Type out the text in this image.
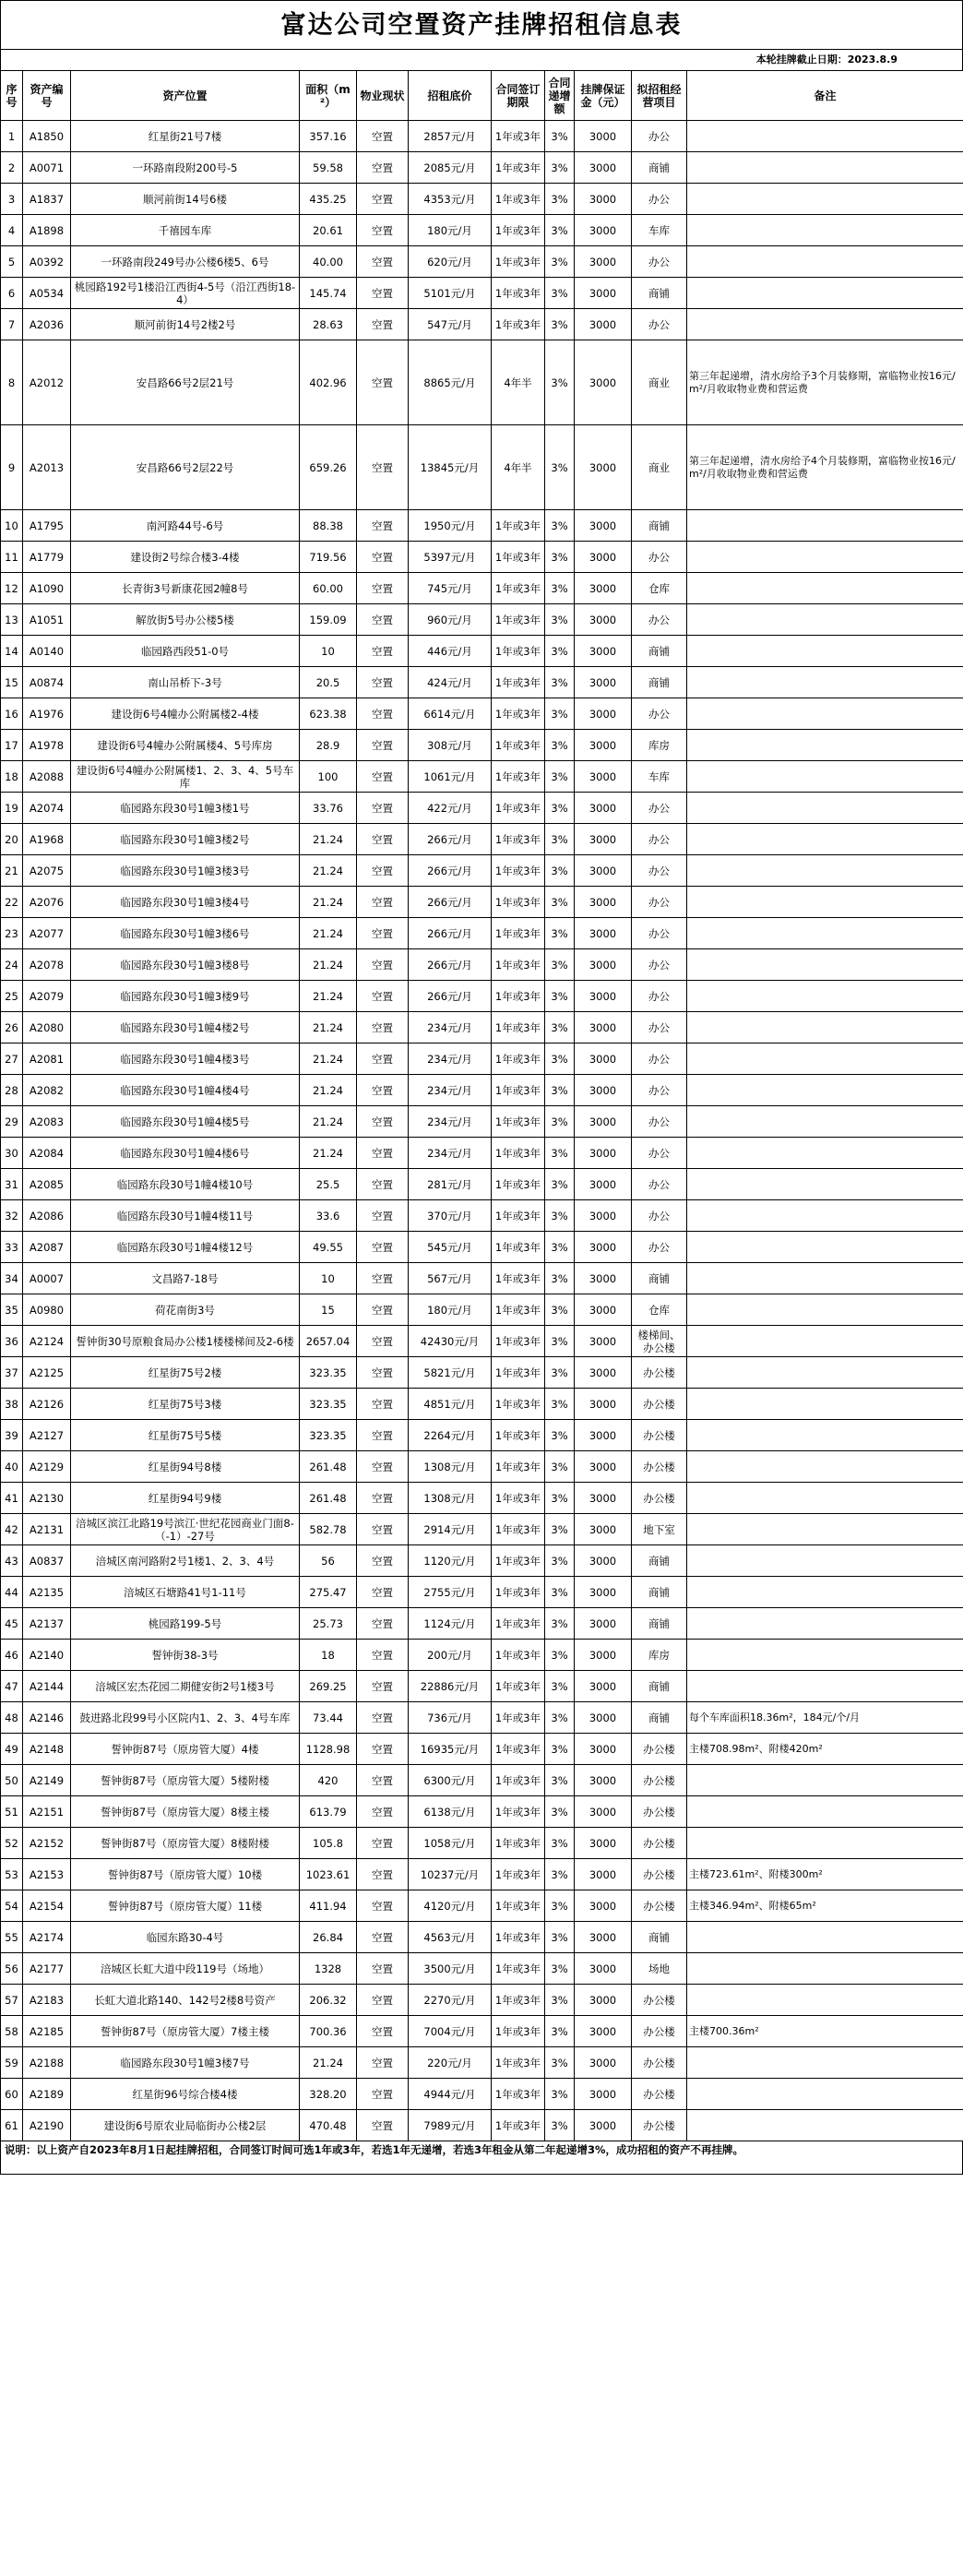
富达公司空置资产挂牌招租信息表
本轮挂牌截止日期：2023.8.9
序号	资产编号	资产位置	面积（m²）	物业现状	招租底价	合同签订期限	合同递增额	挂牌保证金（元）	拟招租经营项目	备注
1	A1850	红星街21号7楼	357.16	空置	2857元/月	1年或3年	3%	3000	办公	
2	A0071	一环路南段附200号-5	59.58	空置	2085元/月	1年或3年	3%	3000	商铺	
3	A1837	顺河前街14号6楼	435.25	空置	4353元/月	1年或3年	3%	3000	办公	
4	A1898	千禧园车库	20.61	空置	180元/月	1年或3年	3%	3000	车库	
5	A0392	一环路南段249号办公楼6楼5、6号	40.00	空置	620元/月	1年或3年	3%	3000	办公	
6	A0534	桃园路192号1楼沿江西街4-5号（沿江西街18-4）	145.74	空置	5101元/月	1年或3年	3%	3000	商铺	
7	A2036	顺河前街14号2楼2号	28.63	空置	547元/月	1年或3年	3%	3000	办公	
8	A2012	安昌路66号2层21号	402.96	空置	8865元/月	4年半	3%	3000	商业	第三年起递增，清水房给予3个月装修期，富临物业按16元/m²/月收取物业费和营运费
9	A2013	安昌路66号2层22号	659.26	空置	13845元/月	4年半	3%	3000	商业	第三年起递增，清水房给予4个月装修期，富临物业按16元/m²/月收取物业费和营运费
10	A1795	南河路44号-6号	88.38	空置	1950元/月	1年或3年	3%	3000	商铺	
11	A1779	建设街2号综合楼3-4楼	719.56	空置	5397元/月	1年或3年	3%	3000	办公	
12	A1090	长青街3号新康花园2幢8号	60.00	空置	745元/月	1年或3年	3%	3000	仓库	
13	A1051	解放街5号办公楼5楼	159.09	空置	960元/月	1年或3年	3%	3000	办公	
14	A0140	临园路西段51-0号	10	空置	446元/月	1年或3年	3%	3000	商铺	
15	A0874	南山吊桥下-3号	20.5	空置	424元/月	1年或3年	3%	3000	商铺	
16	A1976	建设街6号4幢办公附属楼2-4楼	623.38	空置	6614元/月	1年或3年	3%	3000	办公	
17	A1978	建设街6号4幢办公附属楼4、5号库房	28.9	空置	308元/月	1年或3年	3%	3000	库房	
18	A2088	建设街6号4幢办公附属楼1、2、3、4、5号车库	100	空置	1061元/月	1年或3年	3%	3000	车库	
19	A2074	临园路东段30号1幢3楼1号	33.76	空置	422元/月	1年或3年	3%	3000	办公	
20	A1968	临园路东段30号1幢3楼2号	21.24	空置	266元/月	1年或3年	3%	3000	办公	
21	A2075	临园路东段30号1幢3楼3号	21.24	空置	266元/月	1年或3年	3%	3000	办公	
22	A2076	临园路东段30号1幢3楼4号	21.24	空置	266元/月	1年或3年	3%	3000	办公	
23	A2077	临园路东段30号1幢3楼6号	21.24	空置	266元/月	1年或3年	3%	3000	办公	
24	A2078	临园路东段30号1幢3楼8号	21.24	空置	266元/月	1年或3年	3%	3000	办公	
25	A2079	临园路东段30号1幢3楼9号	21.24	空置	266元/月	1年或3年	3%	3000	办公	
26	A2080	临园路东段30号1幢4楼2号	21.24	空置	234元/月	1年或3年	3%	3000	办公	
27	A2081	临园路东段30号1幢4楼3号	21.24	空置	234元/月	1年或3年	3%	3000	办公	
28	A2082	临园路东段30号1幢4楼4号	21.24	空置	234元/月	1年或3年	3%	3000	办公	
29	A2083	临园路东段30号1幢4楼5号	21.24	空置	234元/月	1年或3年	3%	3000	办公	
30	A2084	临园路东段30号1幢4楼6号	21.24	空置	234元/月	1年或3年	3%	3000	办公	
31	A2085	临园路东段30号1幢4楼10号	25.5	空置	281元/月	1年或3年	3%	3000	办公	
32	A2086	临园路东段30号1幢4楼11号	33.6	空置	370元/月	1年或3年	3%	3000	办公	
33	A2087	临园路东段30号1幢4楼12号	49.55	空置	545元/月	1年或3年	3%	3000	办公	
34	A0007	文昌路7-18号	10	空置	567元/月	1年或3年	3%	3000	商铺	
35	A0980	荷花南街3号	15	空置	180元/月	1年或3年	3%	3000	仓库	
36	A2124	誓钟街30号原粮食局办公楼1楼楼梯间及2-6楼	2657.04	空置	42430元/月	1年或3年	3%	3000	楼梯间、办公楼	
37	A2125	红星街75号2楼	323.35	空置	5821元/月	1年或3年	3%	3000	办公楼	
38	A2126	红星街75号3楼	323.35	空置	4851元/月	1年或3年	3%	3000	办公楼	
39	A2127	红星街75号5楼	323.35	空置	2264元/月	1年或3年	3%	3000	办公楼	
40	A2129	红星街94号8楼	261.48	空置	1308元/月	1年或3年	3%	3000	办公楼	
41	A2130	红星街94号9楼	261.48	空置	1308元/月	1年或3年	3%	3000	办公楼	
42	A2131	涪城区滨江北路19号滨江·世纪花园商业门面8-（-1）-27号	582.78	空置	2914元/月	1年或3年	3%	3000	地下室	
43	A0837	涪城区南河路附2号1楼1、2、3、4号	56	空置	1120元/月	1年或3年	3%	3000	商铺	
44	A2135	涪城区石塘路41号1-11号	275.47	空置	2755元/月	1年或3年	3%	3000	商铺	
45	A2137	桃园路199-5号	25.73	空置	1124元/月	1年或3年	3%	3000	商铺	
46	A2140	誓钟街38-3号	18	空置	200元/月	1年或3年	3%	3000	库房	
47	A2144	涪城区宏杰花园二期健安街2号1楼3号	269.25	空置	22886元/月	1年或3年	3%	3000	商铺	
48	A2146	鼓进路北段99号小区院内1、2、3、4号车库	73.44	空置	736元/月	1年或3年	3%	3000	商铺	每个车库面积18.36m²，184元/个/月
49	A2148	誓钟街87号（原房管大厦）4楼	1128.98	空置	16935元/月	1年或3年	3%	3000	办公楼	主楼708.98m²、附楼420m²
50	A2149	誓钟街87号（原房管大厦）5楼附楼	420	空置	6300元/月	1年或3年	3%	3000	办公楼	
51	A2151	誓钟街87号（原房管大厦）8楼主楼	613.79	空置	6138元/月	1年或3年	3%	3000	办公楼	
52	A2152	誓钟街87号（原房管大厦）8楼附楼	105.8	空置	1058元/月	1年或3年	3%	3000	办公楼	
53	A2153	誓钟街87号（原房管大厦）10楼	1023.61	空置	10237元/月	1年或3年	3%	3000	办公楼	主楼723.61m²、附楼300m²
54	A2154	誓钟街87号（原房管大厦）11楼	411.94	空置	4120元/月	1年或3年	3%	3000	办公楼	主楼346.94m²、附楼65m²
55	A2174	临园东路30-4号	26.84	空置	4563元/月	1年或3年	3%	3000	商铺	
56	A2177	涪城区长虹大道中段119号（场地）	1328	空置	3500元/月	1年或3年	3%	3000	场地	
57	A2183	长虹大道北路140、142号2楼8号资产	206.32	空置	2270元/月	1年或3年	3%	3000	办公楼	
58	A2185	誓钟街87号（原房管大厦）7楼主楼	700.36	空置	7004元/月	1年或3年	3%	3000	办公楼	主楼700.36m²
59	A2188	临园路东段30号1幢3楼7号	21.24	空置	220元/月	1年或3年	3%	3000	办公楼	
60	A2189	红星街96号综合楼4楼	328.20	空置	4944元/月	1年或3年	3%	3000	办公楼	
61	A2190	建设街6号原农业局临街办公楼2层	470.48	空置	7989元/月	1年或3年	3%	3000	办公楼	
说明：以上资产自2023年8月1日起挂牌招租，合同签订时间可选1年或3年，若选1年无递增，若选3年租金从第二年起递增3%，成功招租的资产不再挂牌。
